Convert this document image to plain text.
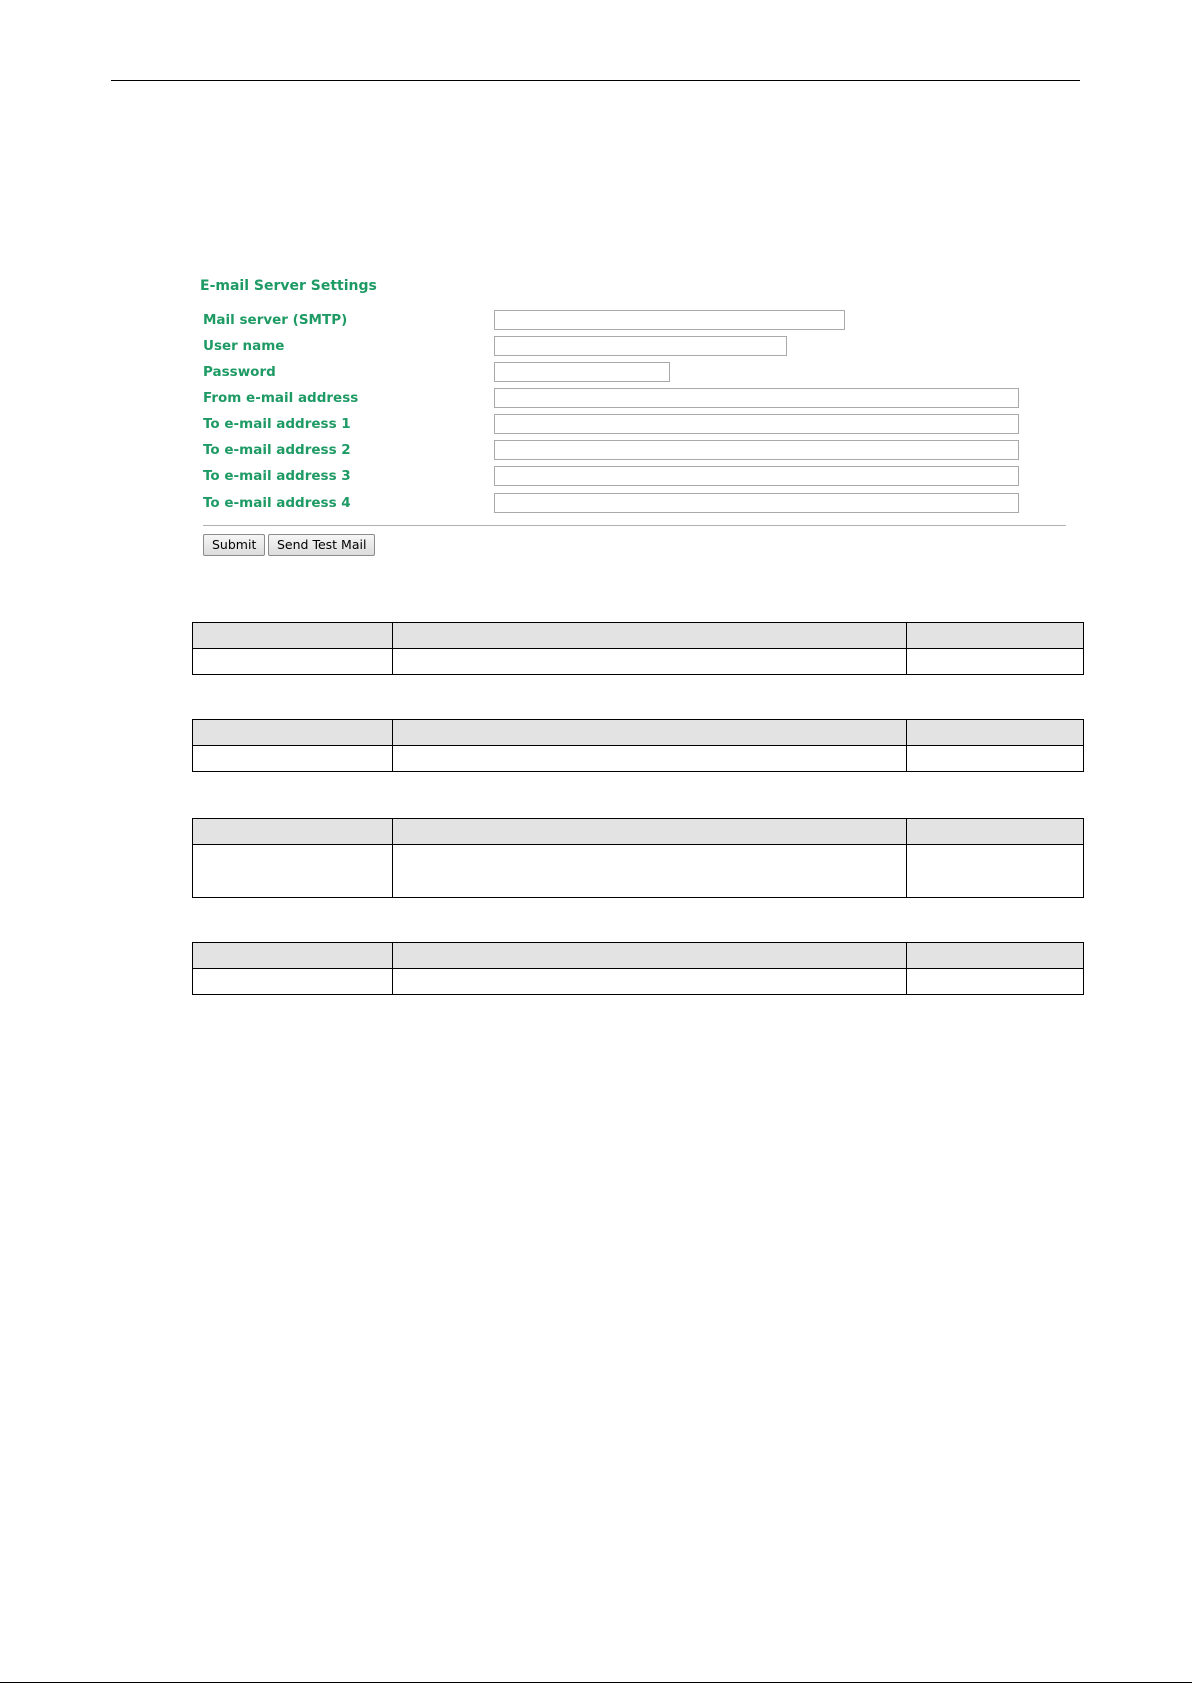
E-mail Server Settings
Mail server (SMTP)
User name
Password
From e-mail address
To e-mail address 1
To e-mail address 2
To e-mail address 3
To e-mail address 4
Submit	Send Test Mail
